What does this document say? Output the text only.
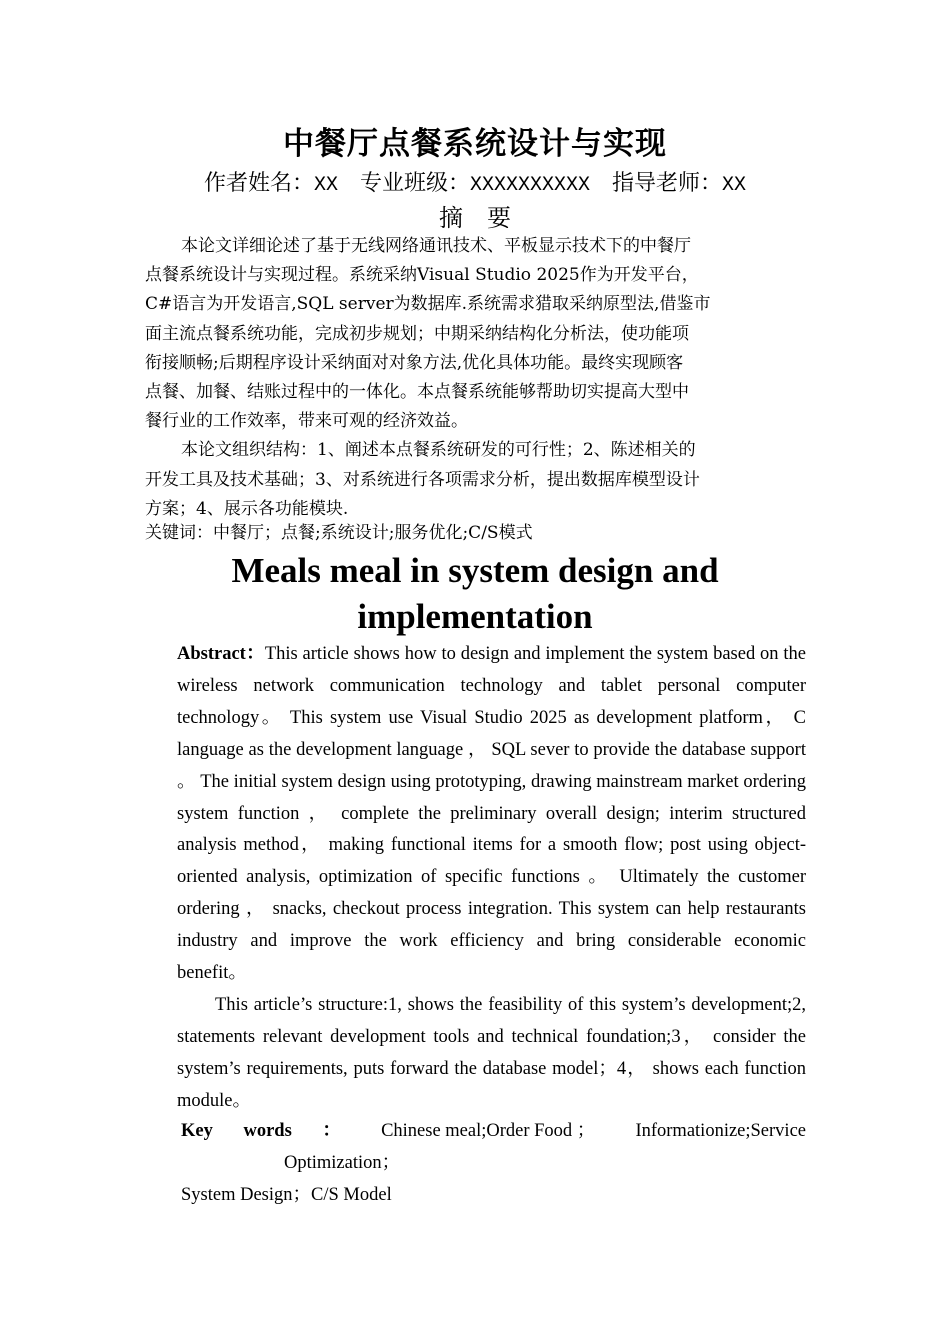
中餐厅点餐系统设计与实现
作者姓名：XX 专业班级：XXXXXXXXXX 指导老师：XX
摘要
本论文详细论述了基于无线网络通讯技术、平板显示技术下的中餐厅
点餐系统设计与实现过程。系统采纳Visual Studio 2025作为开发平台，
C#语言为开发语言,SQL server为数据库.系统需求猎取采纳原型法,借鉴市
面主流点餐系统功能，完成初步规划；中期采纳结构化分析法，使功能项
衔接顺畅;后期程序设计采纳面对对象方法,优化具体功能。最终实现顾客
点餐、加餐、结账过程中的一体化。本点餐系统能够帮助切实提高大型中
餐行业的工作效率，带来可观的经济效益。
本论文组织结构：1、阐述本点餐系统研发的可行性；2、陈述相关的
开发工具及技术基础；3、对系统进行各项需求分析，提出数据库模型设计
方案；4、展示各功能模块.
关键词：中餐厅；点餐;系统设计;服务优化;C/S模式
Meals meal in system design and
implementation

Abstract：This article shows how to design and implement the system based on the wireless network communication technology and tablet personal computer technology。 This system use Visual Studio 2025 as development platform， C language as the development language ， SQL sever to provide the database support 。 The initial system design using prototyping, drawing mainstream market ordering system function ， complete the preliminary overall design; interim structured analysis method， making functional items for a smooth flow; post using object-oriented analysis, optimization of specific functions 。 Ultimately the customer ordering ， snacks, checkout process integration. This system can help restaurants industry and improve the work efficiency and bring considerable economic benefit。

This article’s structure:1, shows the feasibility of this system’s development;2, statements relevant development tools and technical foundation;3， consider the system’s requirements, puts forward the database model；4， shows each function module。

Key words ： Chinese meal;Order Food ； Informationize;Service
Optimization；
System Design；C/S Model
